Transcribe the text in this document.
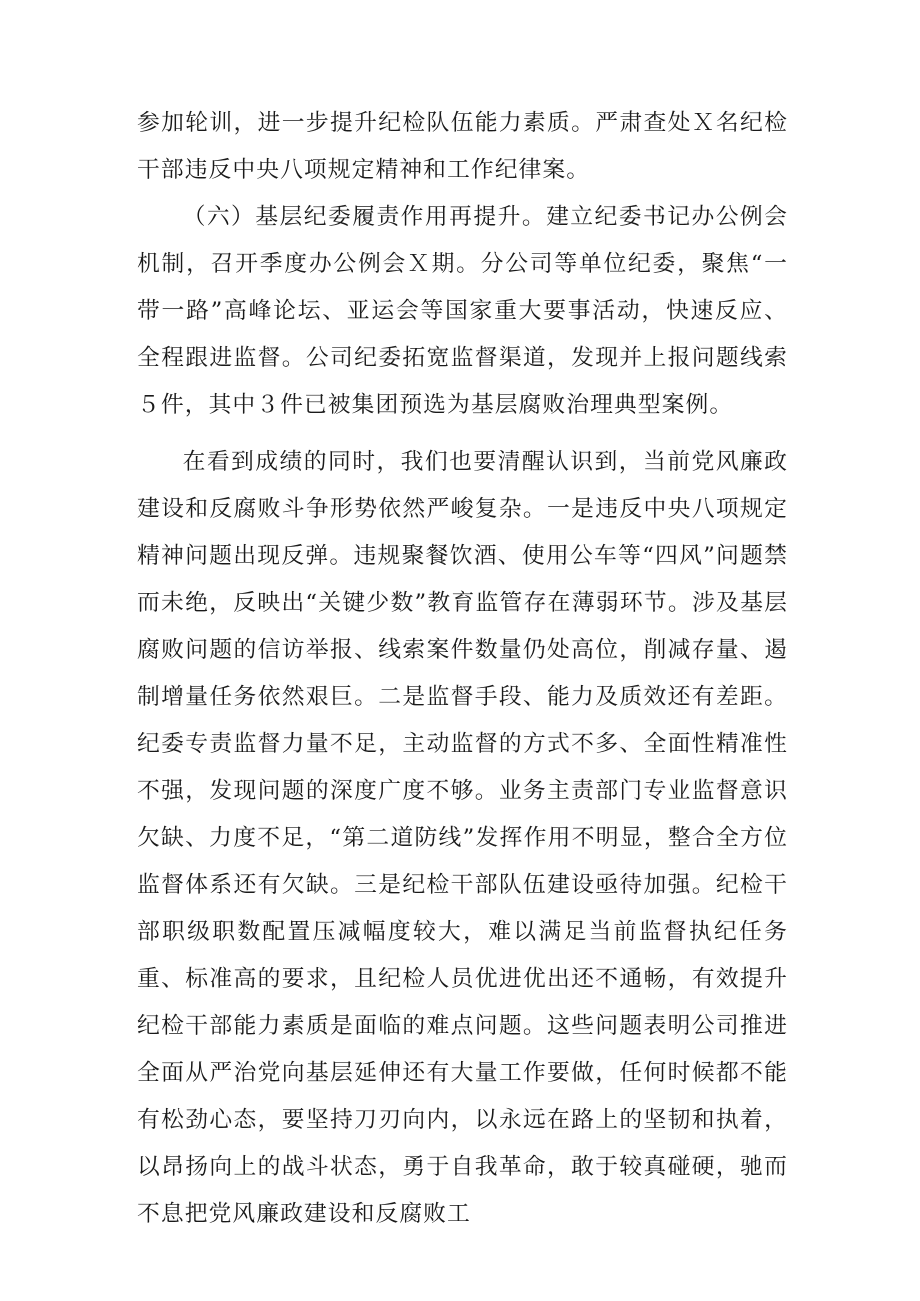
参加轮训，进一步提升纪检队伍能力素质。严肃查处Ｘ名纪检干部违反中央八项规定精神和工作纪律案。

（六）基层纪委履责作用再提升。建立纪委书记办公例会机制，召开季度办公例会Ｘ期。分公司等单位纪委，聚焦“一带一路”高峰论坛、亚运会等国家重大要事活动，快速反应、全程跟进监督。公司纪委拓宽监督渠道，发现并上报问题线索５件，其中３件已被集团预选为基层腐败治理典型案例。

在看到成绩的同时，我们也要清醒认识到，当前党风廉政建设和反腐败斗争形势依然严峻复杂。一是违反中央八项规定精神问题出现反弹。违规聚餐饮酒、使用公车等“四风”问题禁而未绝，反映出“关键少数”教育监管存在薄弱环节。涉及基层腐败问题的信访举报、线索案件数量仍处高位，削减存量、遏制增量任务依然艰巨。二是监督手段、能力及质效还有差距。纪委专责监督力量不足，主动监督的方式不多、全面性精准性不强，发现问题的深度广度不够。业务主责部门专业监督意识欠缺、力度不足，“第二道防线”发挥作用不明显，整合全方位监督体系还有欠缺。三是纪检干部队伍建设亟待加强。纪检干部职级职数配置压减幅度较大，难以满足当前监督执纪任务重、标准高的要求，且纪检人员优进优出还不通畅，有效提升纪检干部能力素质是面临的难点问题。这些问题表明公司推进全面从严治党向基层延伸还有大量工作要做，任何时候都不能有松劲心态，要坚持刀刃向内，以永远在路上的坚韧和执着，以昂扬向上的战斗状态，勇于自我革命，敢于较真碰硬，驰而不息把党风廉政建设和反腐败工
